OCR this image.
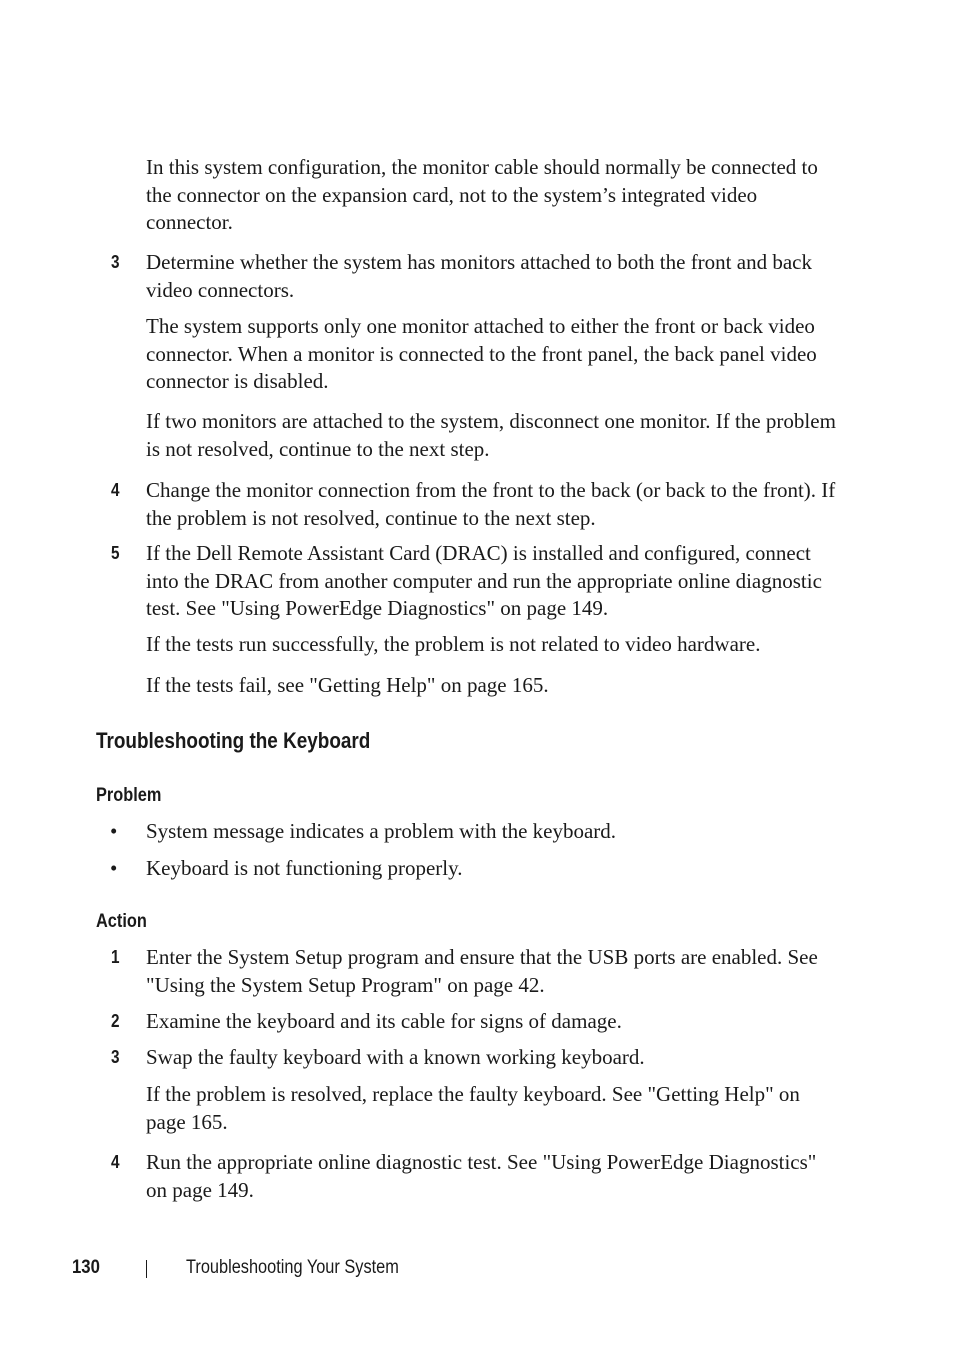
In this system configuration, the monitor cable should normally be connected to the connector on the expansion card, not to the system’s integrated video connector.

3	Determine whether the system has monitors attached to both the front and back video connectors.

The system supports only one monitor attached to either the front or back video connector. When a monitor is connected to the front panel, the back panel video connector is disabled.

If two monitors are attached to the system, disconnect one monitor. If the problem is not resolved, continue to the next step.

4	Change the monitor connection from the front to the back (or back to the front). If the problem is not resolved, continue to the next step.

5	If the Dell Remote Assistant Card (DRAC) is installed and configured, connect into the DRAC from another computer and run the appropriate online diagnostic test. See "Using PowerEdge Diagnostics" on page 149.

If the tests run successfully, the problem is not related to video hardware.

If the tests fail, see "Getting Help" on page 165.

Troubleshooting the Keyboard
Problem
• System message indicates a problem with the keyboard.

• Keyboard is not functioning properly.

Action
1	Enter the System Setup program and ensure that the USB ports are enabled. See "Using the System Setup Program" on page 42.

2	Examine the keyboard and its cable for signs of damage.

3	Swap the faulty keyboard with a known working keyboard.

If the problem is resolved, replace the faulty keyboard. See "Getting Help" on page 165.

4	Run the appropriate online diagnostic test. See "Using PowerEdge Diagnostics" on page 149.

130	Troubleshooting Your System
